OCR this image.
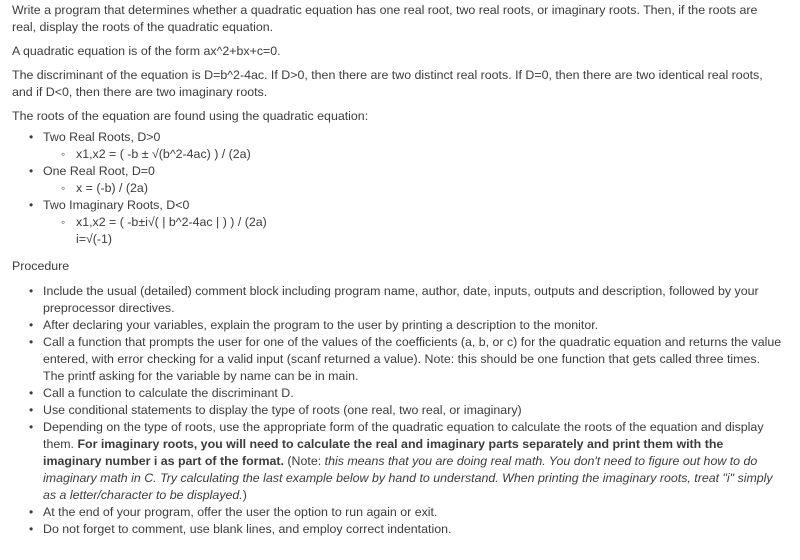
Write a program that determines whether a quadratic equation has one real root, two real roots, or imaginary roots. Then, if the roots are real, display the roots of the quadratic equation.

A quadratic equation is of the form ax^2+bx+c=0.

The discriminant of the equation is D=b^2-4ac. If D>0, then there are two distinct real roots. If D=0, then there are two identical real roots, and if D<0, then there are two imaginary roots.

The roots of the equation are found using the quadratic equation:

• Two Real Roots, D>0
◦ x1,x2 = ( -b ± √(b^2-4ac) ) / (2a)
• One Real Root, D=0
◦ x = (-b) / (2a)
• Two Imaginary Roots, D<0
◦ x1,x2 = ( -b±i√( | b^2-4ac | ) ) / (2a)
i=√(-1)

Procedure

• Include the usual (detailed) comment block including program name, author, date, inputs, outputs and description, followed by your preprocessor directives.
• After declaring your variables, explain the program to the user by printing a description to the monitor.
• Call a function that prompts the user for one of the values of the coefficients (a, b, or c) for the quadratic equation and returns the value entered, with error checking for a valid input (scanf returned a value). Note: this should be one function that gets called three times. The printf asking for the variable by name can be in main.
• Call a function to calculate the discriminant D.
• Use conditional statements to display the type of roots (one real, two real, or imaginary)
• Depending on the type of roots, use the appropriate form of the quadratic equation to calculate the roots of the equation and display them. For imaginary roots, you will need to calculate the real and imaginary parts separately and print them with the imaginary number i as part of the format. (Note: this means that you are doing real math. You don't need to figure out how to do imaginary math in C. Try calculating the last example below by hand to understand. When printing the imaginary roots, treat "i" simply as a letter/character to be displayed.)
• At the end of your program, offer the user the option to run again or exit.
• Do not forget to comment, use blank lines, and employ correct indentation.
